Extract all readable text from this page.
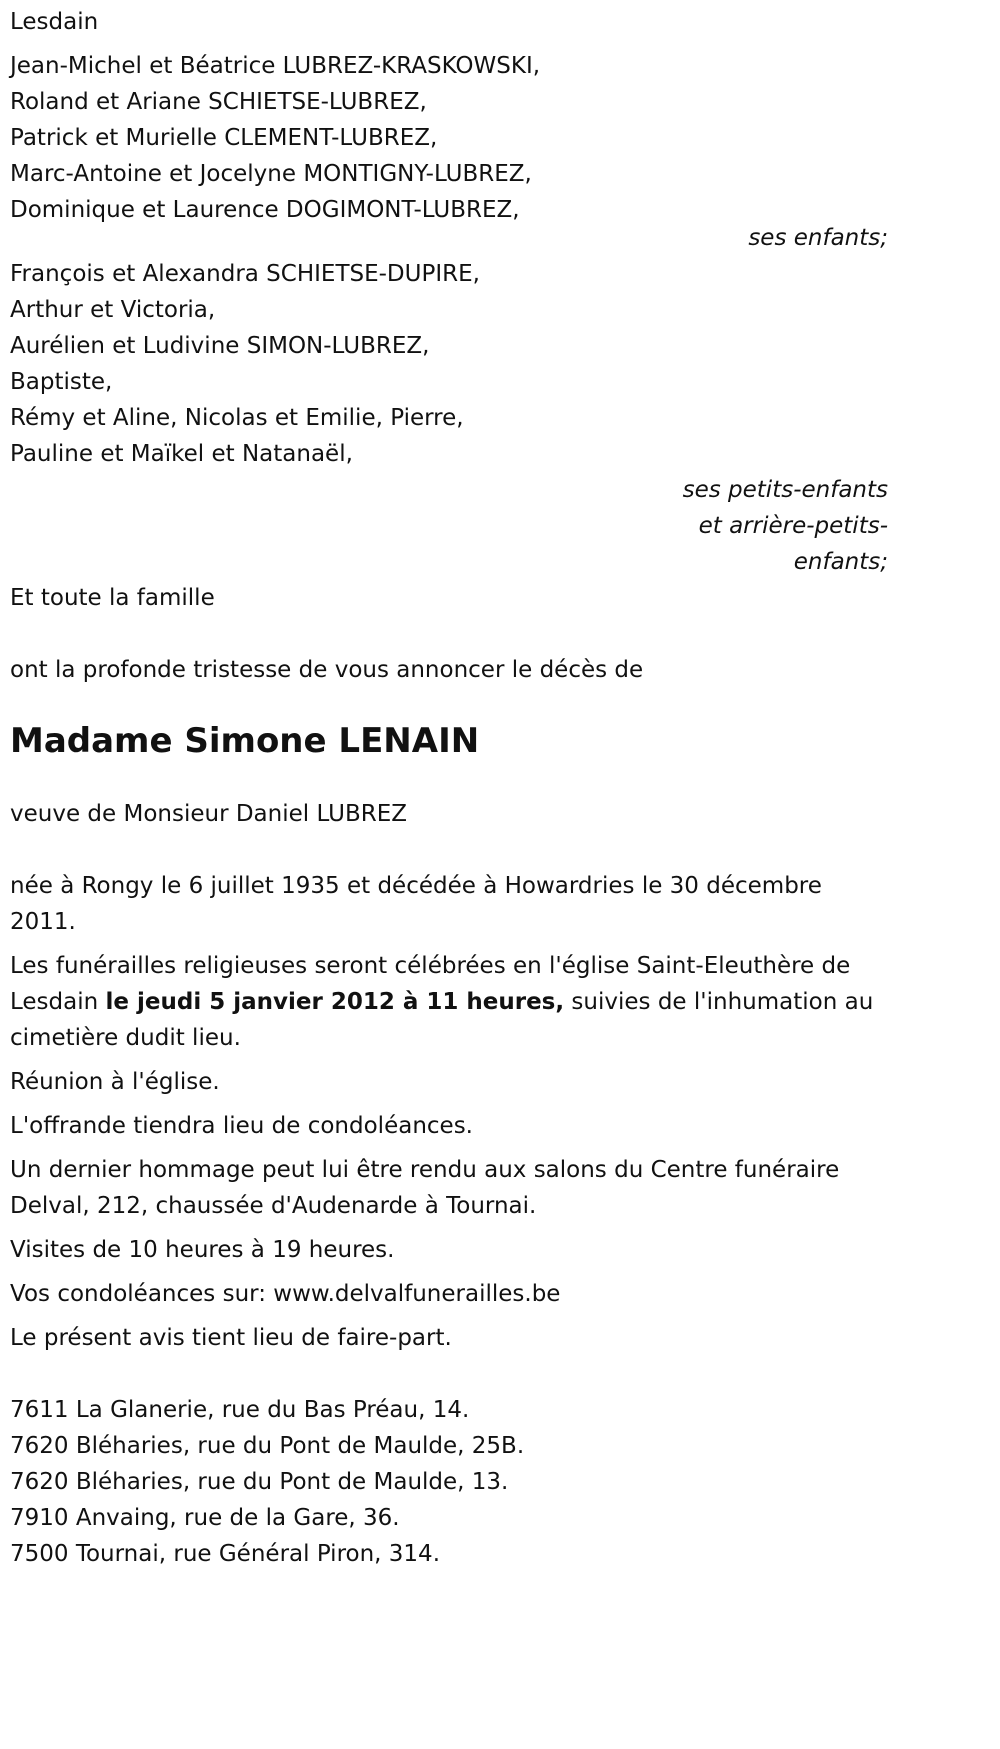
Lesdain
Jean-Michel et Béatrice LUBREZ-KRASKOWSKI,
Roland et Ariane SCHIETSE-LUBREZ,
Patrick et Murielle CLEMENT-LUBREZ,
Marc-Antoine et Jocelyne MONTIGNY-LUBREZ,
Dominique et Laurence DOGIMONT-LUBREZ,
ses enfants;
François et Alexandra SCHIETSE-DUPIRE,
Arthur et Victoria,
Aurélien et Ludivine SIMON-LUBREZ,
Baptiste,
Rémy et Aline, Nicolas et Emilie, Pierre,
Pauline et Maïkel et Natanaël,
ses petits-enfants
et arrière-petits-
enfants;
Et toute la famille
ont la profonde tristesse de vous annoncer le décès de
Madame Simone LENAIN
veuve de Monsieur Daniel LUBREZ
née à Rongy le 6 juillet 1935 et décédée à Howardries le 30 décembre 2011.
Les funérailles religieuses seront célébrées en l'église Saint-Eleuthère de Lesdain le jeudi 5 janvier 2012 à 11 heures, suivies de l'inhumation au cimetière dudit lieu.
Réunion à l'église.
L'offrande tiendra lieu de condoléances.
Un dernier hommage peut lui être rendu aux salons du Centre funéraire Delval, 212, chaussée d'Audenarde à Tournai.
Visites de 10 heures à 19 heures.
Vos condoléances sur: www.delvalfunerailles.be
Le présent avis tient lieu de faire-part.
7611 La Glanerie, rue du Bas Préau, 14.
7620 Bléharies, rue du Pont de Maulde, 25B.
7620 Bléharies, rue du Pont de Maulde, 13.
7910 Anvaing, rue de la Gare, 36.
7500 Tournai, rue Général Piron, 314.
